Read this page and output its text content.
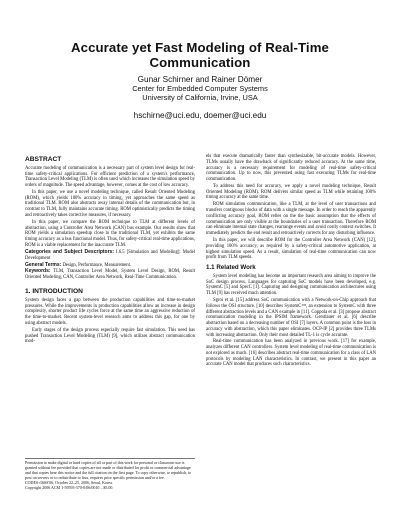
Accurate yet Fast Modeling of Real-Time Communication
Gunar Schirner and Rainer Dömer
Center for Embedded Computer Systems
University of California, Irvine, USA
hschirne@uci.edu, doemer@uci.edu
ABSTRACT

Accurate modeling of communication is a necessary part of system level design for real-time safety-critical applications. For efficient prediction of a system's performance, Transaction Level Modeling (TLM) is often used which increases the simulation speed by orders of magnitude. The speed advantage, however, comes at the cost of low accuracy.

In this paper, we use a novel modeling technique, called Result Oriented Modeling (ROM), which yields 100% accuracy in timing, yet approaches the same speed as traditional TLM. ROM also abstracts away internal details of the communication but, in contrast to TLM, fully maintains accurate timing. ROM optimistically predicts the timing and retroactively takes corrective measures, if necessary.

In this paper, we compare the ROM technique to TLM at different levels of abstraction, using a Controller Area Network (CAN) bus example. Our results show that ROM yields a simulation speedup close to the traditional TLM, yet exhibits the same timing accuracy as a bus functional model. Thus, for safety-critical real-time applications, ROM is a viable replacement for the inaccurate TLM.

Categories and Subject Descriptors: I.6.5 [Simulation and Modeling]: Model Development

General Terms: Design, Performance, Measurement.

Keywords: TLM, Transaction Level Model, System Level Design, ROM, Result Oriented Modeling, CAN, Controller Area Network, Real-Time Communication.

1. INTRODUCTION

System design faces a gap between the production capabilities and time-to-market pressures. While the improvements in production capabilities allow an increase in design complexity, shorter product life cycles force at the same time an aggressive reduction of the time-to-market. Recent system-level research aims to address this gap, for one by using abstract models.

Early stages of the design process especially require fast simulation. This need has pushed Transaction Level Modeling (TLM) [9], which utilizes abstract communication mod-

Permission to make digital or hard copies of all or part of this work for personal or classroom use is granted without fee provided that copies are not made or distributed for profit or commercial advantage and that copies bear this notice and the full citation on the first page. To copy otherwise, to republish, to post on servers or to redistribute to lists, requires prior specific permission and/or a fee.
CODES+ISSS'06, October 22–25, 2006, Seoul, Korea.
Copyright 2006 ACM 1-59593-370-0/06/0010 ...$5.00.

els that execute dramatically faster than synthesizable, bit-accurate models. However, TLMs usually have the drawback of significantly reduced accuracy. At the same time, accuracy is a necessary requirement for modeling of real-time safety-critical communication. Up to now, this prevented using fast executing TLMs for real-time communication.

To address this need for accuracy, we apply a novel modeling technique, Result Oriented Modeling (ROM). ROM delivers similar speed as TLM while retaining 100% timing accuracy at the same time.

ROM simulation communication, like a TLM, at the level of user transactions and transfers contiguous blocks of data with a single message. In order to reach the apparently conflicting accuracy goal, ROM relies on the the basic assumption that the effects of communication are only visible at the boundaries of a user transaction. Therefore ROM can eliminate internal state changes, rearrange events and avoid costly context switches. It immediately predicts the end result and retroactively corrects for any disturbing influence.

In this paper, we will describe ROM for the Controller Area Network (CAN) [12], providing 100% accuracy, as required by a safety-critical automotive application, at highest simulation speed. As a result, simulation of real-time communication can now profit from TLM speeds.

1.1 Related Work

System level modeling has become an important research area aiming to improve the SoC design process. Languages for capturing SoC models have been developed, e.g. SystemC [5] and SpecC [1]. Capturing and designing communication architectures using TLM [9] has received much attention.

Sgroi et al. [15] address SoC communication with a Network-on-Chip approach that follows the OSI structure. [10] describes SystemC™, an extension to SystemC with three different abstraction levels and a CAN example in [11]. Coppola et al. [3] propose abstract communication modeling in the IPSIM framework. Gerstlauer et al. [6] describe abstraction based on a decreasing number of OSI [7] layers. A common point is the loss in accuracy with abstraction, which this paper eliminates. OCP-IP [2] provides three TLMs with increasing abstraction. Only their most detailed TL-1 is cycle accurate.

Real-time communication has been analyzed in previous work. [17] for example, analyzes different CAN controllers. System level modeling of real-time communication is not explored as much. [16] describes abstract real-time communication for a class of LAN protocols by modeling LAN characteristics. In contrast, we present in this paper an accurate CAN model that produces such characteristics.
